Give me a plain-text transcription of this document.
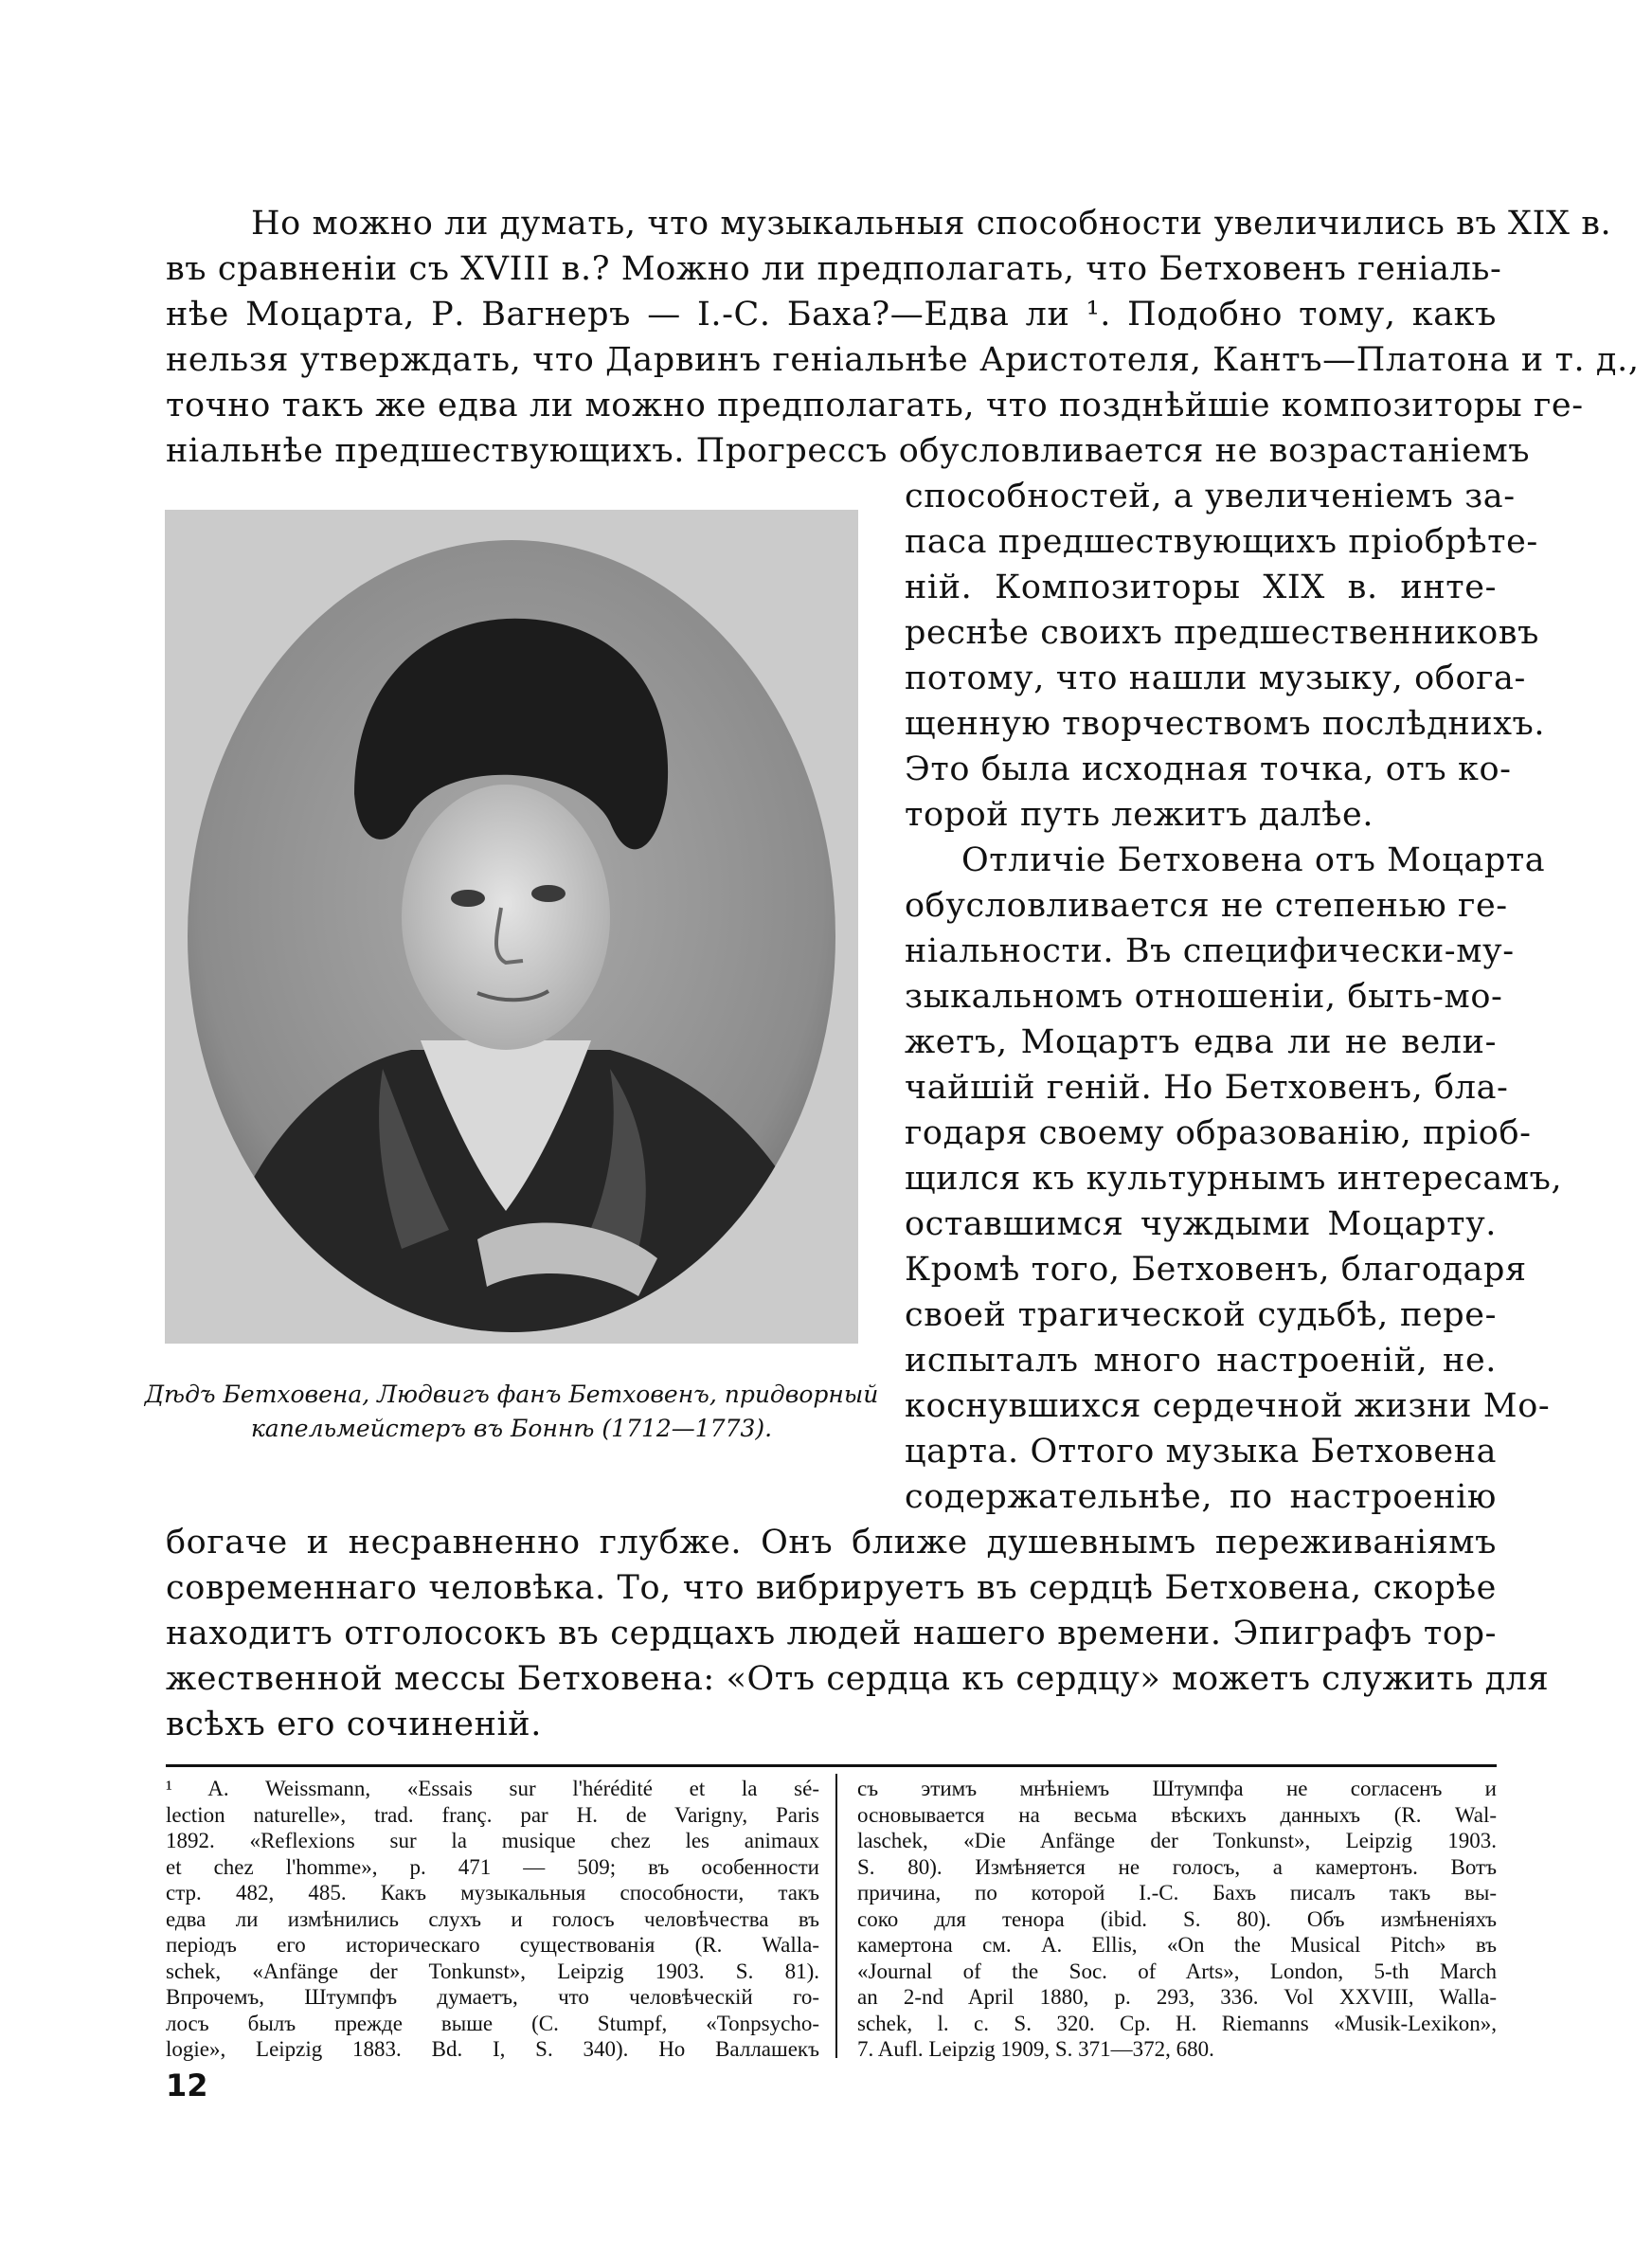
Но можно ли думать, что музыкальныя способности увеличились въ XIX в.
въ сравненіи съ XVIII в.? Можно ли предполагать, что Бетховенъ геніаль-
нѣе Моцарта, Р. Вагнеръ — І.-С. Баха?—Едва ли ¹. Подобно тому, какъ
нельзя утверждать, что Дарвинъ геніальнѣе Аристотеля, Кантъ—Платона и т. д.,
точно такъ же едва ли можно предполагать, что позднѣйшіе композиторы ге-
ніальнѣе предшествующихъ. Прогрессъ обусловливается не возрастаніемъ
Дѣдъ Бетховена, Людвигъ фанъ Бетховенъ, придворный
капельмейстеръ въ Боннѣ (1712—1773).
способностей, а увеличеніемъ за-
паса предшествующихъ пріобрѣте-
ній. Композиторы XIX в. инте-
реснѣе своихъ предшественниковъ
потому, что нашли музыку, обога-
щенную творчествомъ послѣднихъ.
Это была исходная точка, отъ ко-
торой путь лежитъ далѣе.
Отличіе Бетховена отъ Моцарта
обусловливается не степенью ге-
ніальности. Въ специфически-му-
зыкальномъ отношеніи, быть-мо-
жетъ, Моцартъ едва ли не вели-
чайшій геній. Но Бетховенъ, бла-
годаря своему образованію, пріоб-
щился къ культурнымъ интересамъ,
оставшимся чуждыми Моцарту.
Кромѣ того, Бетховенъ, благодаря
своей трагической судьбѣ, пере-
испыталъ много настроеній, не.
коснувшихся сердечной жизни Мо-
царта. Оттого музыка Бетховена
содержательнѣе, по настроенію
богаче и несравненно глубже. Онъ ближе душевнымъ переживаніямъ
современнаго человѣка. То, что вибрируетъ въ сердцѣ Бетховена, скорѣе
находитъ отголосокъ въ сердцахъ людей нашего времени. Эпиграфъ тор-
жественной мессы Бетховена: «Отъ сердца къ сердцу» можетъ служить для
всѣхъ его сочиненій.
¹ A. Weissmann, «Essais sur l'hérédité et la sé-
lection naturelle», trad. franç. par H. de Varigny, Paris
1892. «Reflexions sur la musique chez les animaux
et chez l'homme», p. 471 — 509; въ особенности
стр. 482, 485. Какъ музыкальныя способности, такъ
едва ли измѣнились слухъ и голосъ человѣчества въ
періодъ его историческаго существованія (R. Walla-
schek, «Anfänge der Tonkunst», Leipzig 1903. S. 81).
Впрочемъ, Штумпфъ думаетъ, что человѣческій го-
лосъ былъ прежде выше (C. Stumpf, «Tonpsycho-
logie», Leipzig 1883. Bd. I, S. 340). Но Валлашекъ
съ этимъ мнѣніемъ Штумпфа не согласенъ и
основывается на весьма вѣскихъ данныхъ (R. Wal-
laschek, «Die Anfänge der Tonkunst», Leipzig 1903.
S. 80). Измѣняется не голосъ, а камертонъ. Вотъ
причина, по которой І.-С. Бахъ писалъ такъ вы-
соко для тенора (ibid. S. 80). Объ измѣненіяхъ
камертона см. A. Ellis, «On the Musical Pitch» въ
«Journal of the Soc. of Arts», London, 5-th March
an 2-nd April 1880, p. 293, 336. Vol XXVIII, Walla-
schek, l. c. S. 320. Ср. H. Riemanns «Musik-Lexikon»,
7. Aufl. Leipzig 1909, S. 371—372, 680.
12
